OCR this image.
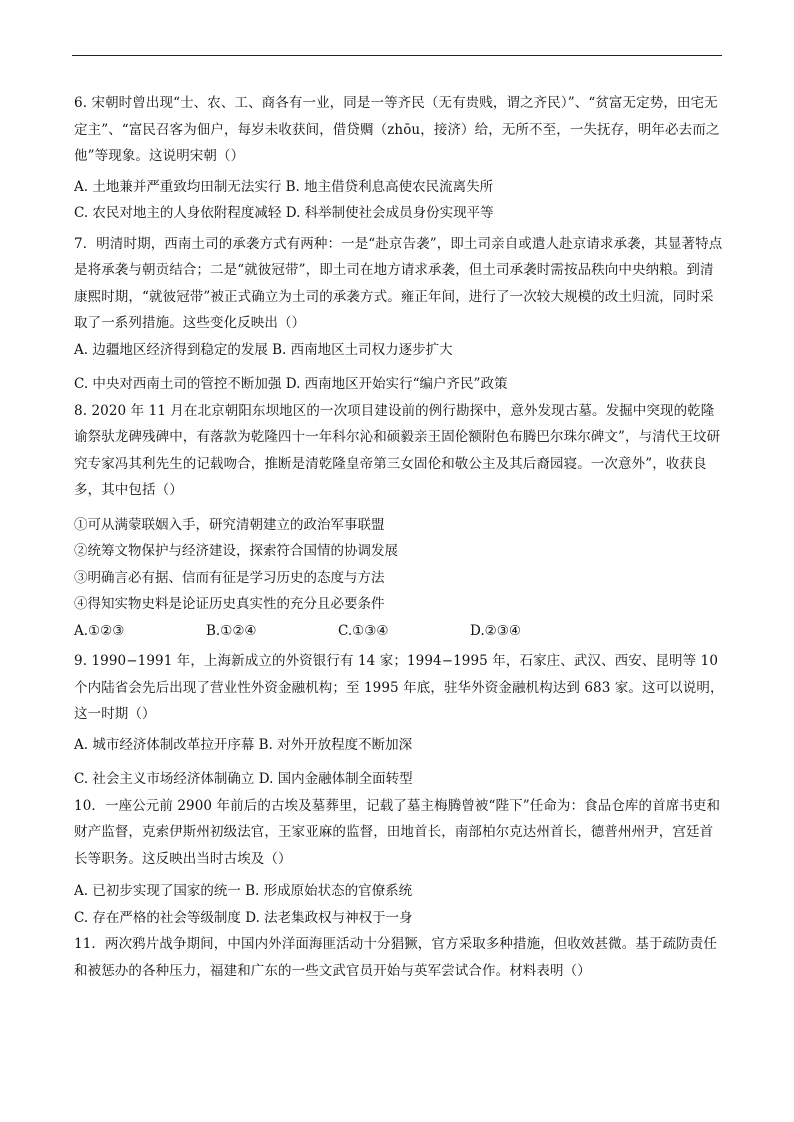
6. 宋朝时曾出现“士、农、工、商各有一业，同是一等齐民（无有贵贱，谓之齐民）”、“贫富无定势，田宅无定主”、“富民召客为佃户，每岁未收获间，借贷赒（zhōu，接济）给，无所不至，一失抚存，明年必去而之他”等现象。这说明宋朝（）

A. 土地兼并严重致均田制无法实行 B. 地主借贷利息高使农民流离失所

C. 农民对地主的人身依附程度减轻 D. 科举制使社会成员身份实现平等

7．明清时期，西南土司的承袭方式有两种：一是“赴京告袭”，即土司亲自或遣人赴京请求承袭，其显著特点是将承袭与朝贡结合；二是“就彼冠带”，即土司在地方请求承袭，但土司承袭时需按品秩向中央纳粮。到清康熙时期，“就彼冠带”被正式确立为土司的承袭方式。雍正年间，进行了一次较大规模的改土归流，同时采取了一系列措施。这些变化反映出（）

A. 边疆地区经济得到稳定的发展 B. 西南地区土司权力逐步扩大

C. 中央对西南土司的管控不断加强 D. 西南地区开始实行“编户齐民”政策

8. 2020 年 11 月在北京朝阳东坝地区的一次项目建设前的例行勘探中，意外发现古墓。发掘中突现的乾隆谕祭驮龙碑残碑中，有落款为乾隆四十一年科尔沁和硕毅亲王固伦额附色布腾巴尔珠尔碑文”，与清代王坟研究专家冯其利先生的记载吻合，推断是清乾隆皇帝第三女固伦和敬公主及其后裔园寝。一次意外”，收获良多，其中包括（）

①可从满蒙联姻入手，研究清朝建立的政治军事联盟

②统筹文物保护与经济建设，探索符合国情的协调发展

③明确言必有据、信而有征是学习历史的态度与方法

④得知实物史料是论证历史真实性的充分且必要条件

A.①②③	B.①②④	C.①③④	D.②③④

9. 1990−1991 年，上海新成立的外资银行有 14 家；1994−1995 年，石家庄、武汉、西安、昆明等 10 个内陆省会先后出现了营业性外资金融机构；至 1995 年底，驻华外资金融机构达到 683 家。这可以说明，这一时期（）

A. 城市经济体制改革拉开序幕 B. 对外开放程度不断加深

C. 社会主义市场经济体制确立 D. 国内金融体制全面转型

10．一座公元前 2900 年前后的古埃及墓葬里，记载了墓主梅腾曾被“陛下”任命为：食品仓库的首席书吏和财产监督，克索伊斯州初级法官，王家亚麻的监督，田地首长，南部柏尔克达州首长，德普州州尹，宫廷首长等职务。这反映出当时古埃及（）

A. 已初步实现了国家的统一 B. 形成原始状态的官僚系统

C. 存在严格的社会等级制度 D. 法老集政权与神权于一身

11．两次鸦片战争期间，中国内外洋面海匪活动十分猖獗，官方采取多种措施，但收效甚微。基于疏防责任和被惩办的各种压力，福建和广东的一些文武官员开始与英军尝试合作。材料表明（）
